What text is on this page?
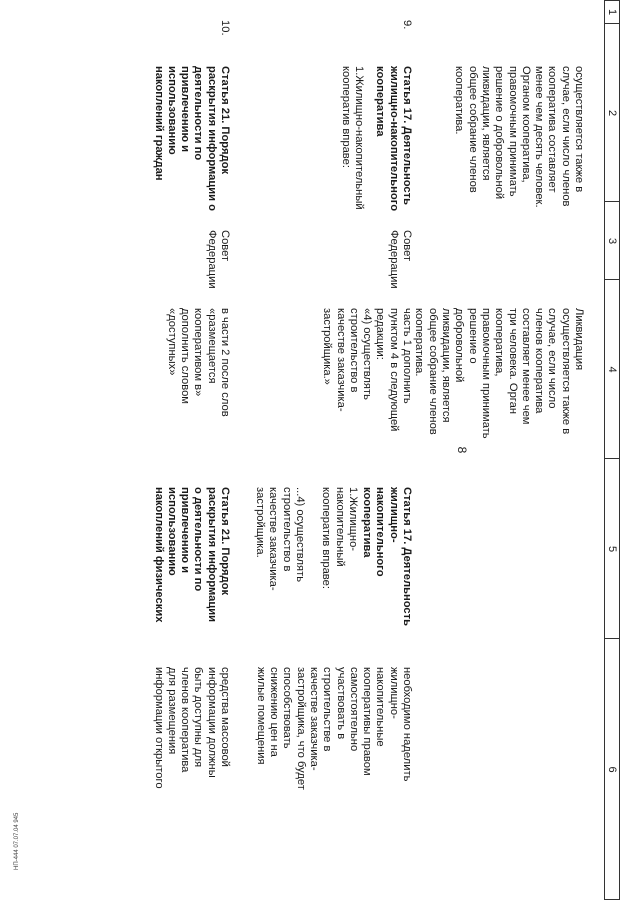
8
1
2
3
4
5
6
осуществляется также в
случае, если число членов
кооператива составляет
менее чем десять человек.
Органом кооператива,
правомочным принимать
решение о добровольной
ликвидации, является
общее собрание членов
кооператива.
Ликвидация
осуществляется также в
случае, если число
членов кооператива
составляет менее чем
три человека. Орган
кооператива,
правомочным принимать
решение о
добровольной
ликвидации, является
общее собрание членов
кооператива.
9.
Статья 17. Деятельность
жилищно-накопительного
кооператива
1.Жилищно-накопительный
кооператив вправе:
Совет
Федерации
часть 1 дополнить
пунктом 4 в следующей
редакции:
«4) осуществлять
строительство в
качестве заказчика-
застройщика.»
Статья 17. Деятельность
жилищно-
накопительного
кооператива
1.Жилищно-
накопительный
кооператив вправе:

...4) осуществлять
строительство в
качестве заказчика-
застройщика.
необходимо наделить
жилищно-
накопительные
кооперативы правом
самостоятельно
участвовать в
строительстве в
качестве заказчика-
застройщика, что будет
способствовать
снижению цен на
жилые помещения
10.
Статья 21. Порядок
раскрытия информации о
деятельности по
привлечению и
использованию
накоплений граждан
Совет
Федерации
в части 2 после слов
«размещается
кооперативом в»
дополнить словом
«доступных»
Статья 21. Порядок
раскрытия информации
о деятельности по
привлечению и
использованию
накоплений физических
средства массовой
информации должны
быть доступны для
членов кооператива
для размещения
информации открытого
НП-444 07.07.04 945
